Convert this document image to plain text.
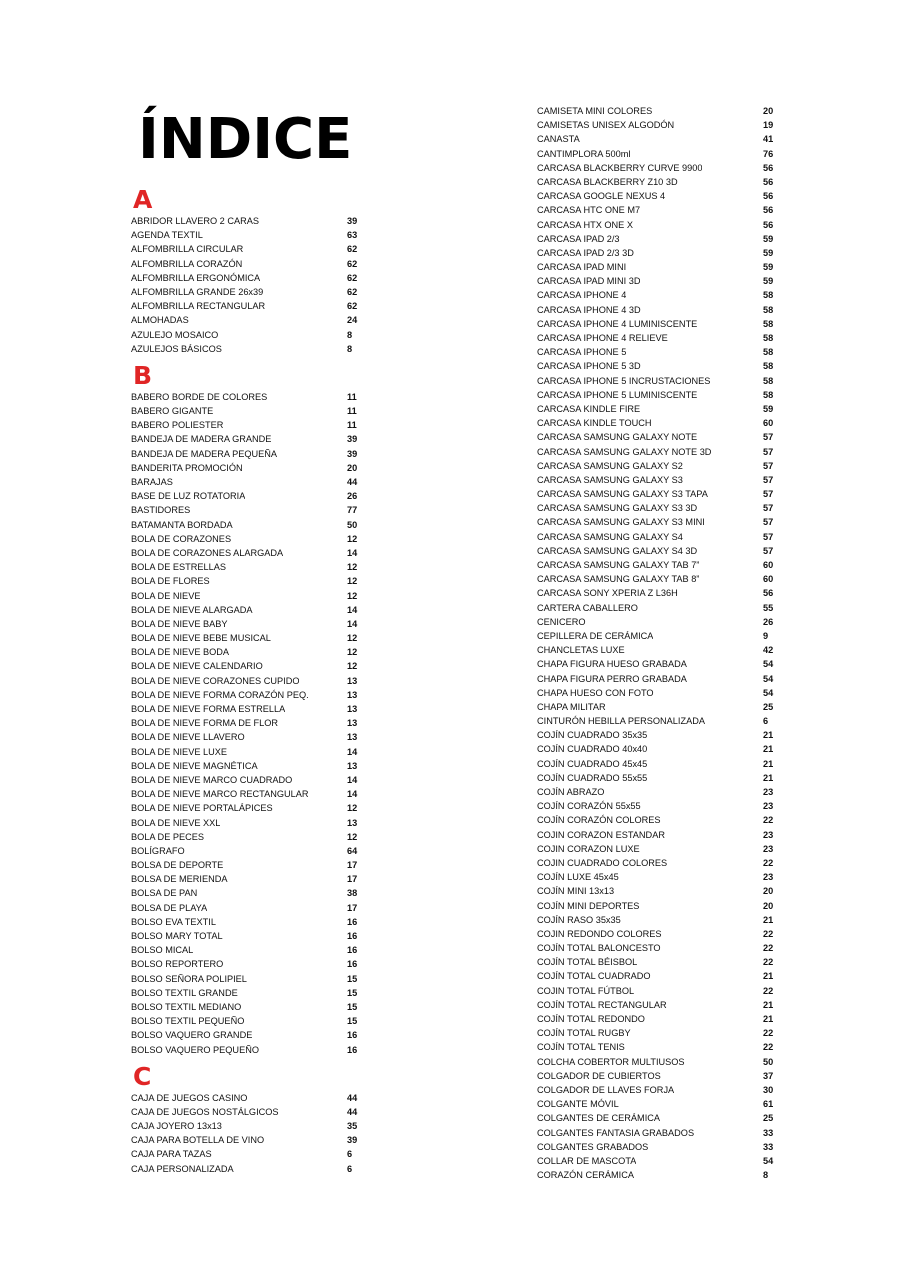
ÍNDICE
A
ABRIDOR LLAVERO 2 CARAS	39
AGENDA TEXTIL	63
ALFOMBRILLA CIRCULAR	62
ALFOMBRILLA CORAZÓN	62
ALFOMBRILLA ERGONÓMICA	62
ALFOMBRILLA GRANDE 26x39	62
ALFOMBRILLA RECTANGULAR	62
ALMOHADAS	24
AZULEJO MOSAICO	8
AZULEJOS BÁSICOS	8
B
BABERO BORDE DE COLORES	11
BABERO GIGANTE	11
BABERO POLIESTER	11
BANDEJA DE MADERA GRANDE	39
BANDEJA DE MADERA PEQUEÑA	39
BANDERITA PROMOCIÓN	20
BARAJAS	44
BASE DE LUZ ROTATORIA	26
BASTIDORES	77
BATAMANTA BORDADA	50
BOLA DE CORAZONES	12
BOLA DE CORAZONES ALARGADA	14
BOLA DE ESTRELLAS	12
BOLA DE FLORES	12
BOLA DE NIEVE	12
BOLA DE NIEVE ALARGADA	14
BOLA DE NIEVE BABY	14
BOLA DE NIEVE BEBE MUSICAL	12
BOLA DE NIEVE BODA	12
BOLA DE NIEVE CALENDARIO	12
BOLA DE NIEVE CORAZONES CUPIDO	13
BOLA DE NIEVE FORMA CORAZÓN PEQ.	13
BOLA DE NIEVE FORMA ESTRELLA	13
BOLA DE NIEVE FORMA DE FLOR	13
BOLA DE NIEVE LLAVERO	13
BOLA DE NIEVE LUXE	14
BOLA DE NIEVE MAGNÉTICA	13
BOLA DE NIEVE MARCO CUADRADO	14
BOLA DE NIEVE MARCO RECTANGULAR	14
BOLA DE NIEVE PORTALÁPICES	12
BOLA DE NIEVE XXL	13
BOLA DE PECES	12
BOLÍGRAFO	64
BOLSA DE DEPORTE	17
BOLSA DE MERIENDA	17
BOLSA DE PAN	38
BOLSA DE PLAYA	17
BOLSO EVA TEXTIL	16
BOLSO MARY TOTAL	16
BOLSO MICAL	16
BOLSO REPORTERO	16
BOLSO SEÑORA POLIPIEL	15
BOLSO TEXTIL GRANDE	15
BOLSO TEXTIL MEDIANO	15
BOLSO TEXTIL PEQUEÑO	15
BOLSO VAQUERO GRANDE	16
BOLSO VAQUERO PEQUEÑO	16
C
CAJA DE JUEGOS CASINO	44
CAJA DE JUEGOS NOSTÁLGICOS	44
CAJA JOYERO 13x13	35
CAJA PARA BOTELLA DE VINO	39
CAJA PARA TAZAS	6
CAJA PERSONALIZADA	6
CAMISETA MINI COLORES	20
CAMISETAS UNISEX ALGODÓN	19
CANASTA	41
CANTIMPLORA 500ml	76
CARCASA BLACKBERRY CURVE 9900	56
CARCASA BLACKBERRY Z10 3D	56
CARCASA GOOGLE NEXUS 4	56
CARCASA HTC ONE M7	56
CARCASA HTX ONE X	56
CARCASA IPAD 2/3	59
CARCASA IPAD 2/3 3D	59
CARCASA IPAD MINI	59
CARCASA IPAD MINI 3D	59
CARCASA IPHONE 4	58
CARCASA IPHONE 4 3D	58
CARCASA IPHONE 4 LUMINISCENTE	58
CARCASA IPHONE 4 RELIEVE	58
CARCASA IPHONE 5	58
CARCASA IPHONE 5 3D	58
CARCASA IPHONE 5 INCRUSTACIONES	58
CARCASA IPHONE 5 LUMINISCENTE	58
CARCASA KINDLE FIRE	59
CARCASA KINDLE TOUCH	60
CARCASA SAMSUNG GALAXY NOTE	57
CARCASA SAMSUNG GALAXY NOTE 3D	57
CARCASA SAMSUNG GALAXY S2	57
CARCASA SAMSUNG GALAXY S3	57
CARCASA SAMSUNG GALAXY S3 TAPA	57
CARCASA SAMSUNG GALAXY S3 3D	57
CARCASA SAMSUNG GALAXY S3 MINI	57
CARCASA SAMSUNG GALAXY S4	57
CARCASA SAMSUNG GALAXY S4 3D	57
CARCASA SAMSUNG GALAXY TAB 7”	60
CARCASA SAMSUNG GALAXY TAB 8”	60
CARCASA SONY XPERIA Z L36H	56
CARTERA CABALLERO	55
CENICERO	26
CEPILLERA DE CERÁMICA	9
CHANCLETAS LUXE	42
CHAPA FIGURA HUESO GRABADA	54
CHAPA FIGURA PERRO GRABADA	54
CHAPA HUESO CON FOTO	54
CHAPA MILITAR	25
CINTURÓN HEBILLA PERSONALIZADA	6
COJÍN CUADRADO 35x35	21
COJÍN CUADRADO 40x40	21
COJÍN CUADRADO 45x45	21
COJÍN CUADRADO 55x55	21
COJÍN ABRAZO	23
COJÍN CORAZÓN 55x55	23
COJÍN CORAZÓN COLORES	22
COJIN CORAZON ESTANDAR	23
COJIN CORAZON LUXE	23
COJIN CUADRADO COLORES	22
COJÍN LUXE 45x45	23
COJÍN MINI 13x13	20
COJÍN MINI DEPORTES	20
COJÍN RASO 35x35	21
COJIN REDONDO COLORES	22
COJÍN TOTAL BALONCESTO	22
COJÍN TOTAL BÉISBOL	22
COJÍN TOTAL CUADRADO	21
COJIN TOTAL FÚTBOL	22
COJÍN TOTAL RECTANGULAR	21
COJÍN TOTAL REDONDO	21
COJÍN TOTAL RUGBY	22
COJÍN TOTAL TENIS	22
COLCHA COBERTOR MULTIUSOS	50
COLGADOR DE CUBIERTOS	37
COLGADOR DE LLAVES FORJA	30
COLGANTE MÓVIL	61
COLGANTES DE CERÁMICA	25
COLGANTES FANTASIA GRABADOS	33
COLGANTES GRABADOS	33
COLLAR DE MASCOTA	54
CORAZÓN CERÁMICA	8
